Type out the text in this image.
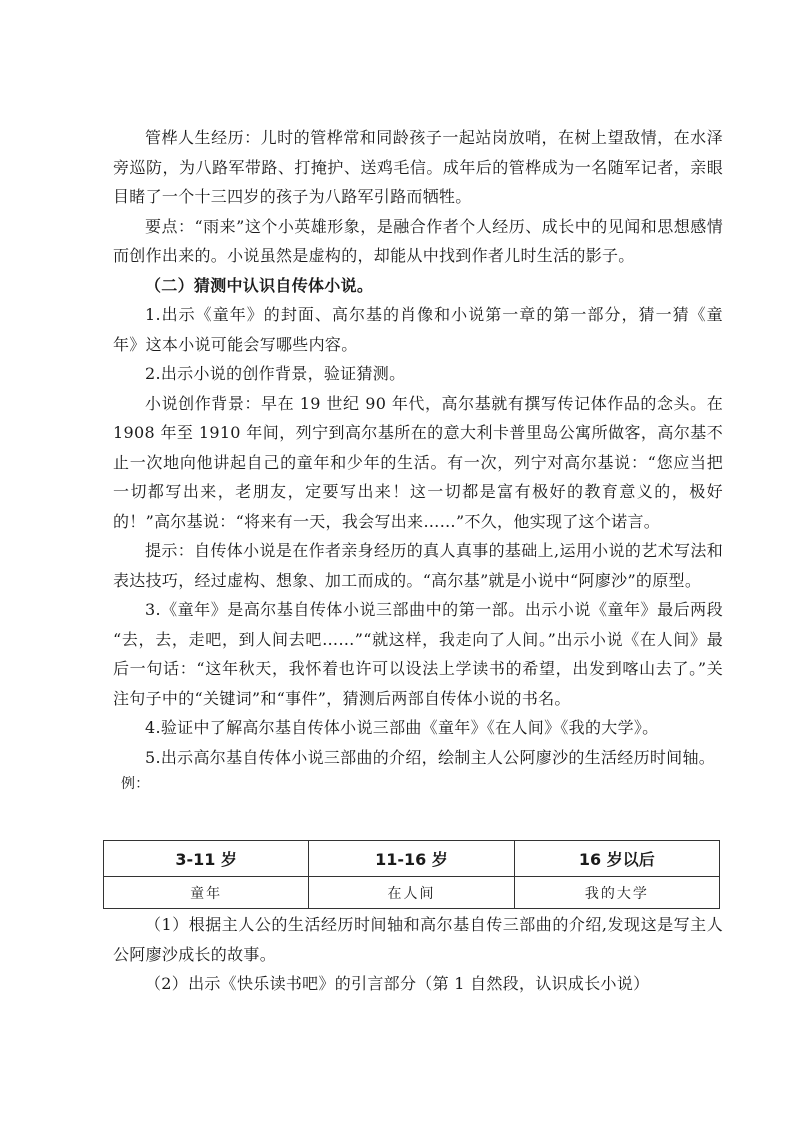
管桦人生经历：儿时的管桦常和同龄孩子一起站岗放哨，在树上望敌情，在水泽旁巡防，为八路军带路、打掩护、送鸡毛信。成年后的管桦成为一名随军记者，亲眼目睹了一个十三四岁的孩子为八路军引路而牺牲。

要点：“雨来”这个小英雄形象，是融合作者个人经历、成长中的见闻和思想感情而创作出来的。小说虽然是虚构的，却能从中找到作者儿时生活的影子。

（二）猜测中认识自传体小说。

1.出示《童年》的封面、高尔基的肖像和小说第一章的第一部分，猜一猜《童年》这本小说可能会写哪些内容。

2.出示小说的创作背景，验证猜测。

小说创作背景：早在 19 世纪 90 年代，高尔基就有撰写传记体作品的念头。在 1908 年至 1910 年间，列宁到高尔基所在的意大利卡普里岛公寓所做客，高尔基不止一次地向他讲起自己的童年和少年的生活。有一次，列宁对高尔基说：“您应当把一切都写出来，老朋友，定要写出来！这一切都是富有极好的教育意义的，极好的！”高尔基说：“将来有一天，我会写出来……”不久，他实现了这个诺言。

提示：自传体小说是在作者亲身经历的真人真事的基础上,运用小说的艺术写法和表达技巧，经过虚构、想象、加工而成的。“高尔基”就是小说中“阿廖沙”的原型。

3.《童年》是高尔基自传体小说三部曲中的第一部。出示小说《童年》最后两段 “去，去，走吧，到人间去吧……”“就这样，我走向了人间。”出示小说《在人间》最后一句话：“这年秋天，我怀着也许可以设法上学读书的希望，出发到喀山去了。”关注句子中的“关键词”和“事件”，猜测后两部自传体小说的书名。

4.验证中了解高尔基自传体小说三部曲《童年》《在人间》《我的大学》。

5.出示高尔基自传体小说三部曲的介绍，绘制主人公阿廖沙的生活经历时间轴。

例：

3-11 岁	11-16 岁	16 岁以后
童年	在人间	我的大学

（1）根据主人公的生活经历时间轴和高尔基自传三部曲的介绍,发现这是写主人公阿廖沙成长的故事。

（2）出示《快乐读书吧》的引言部分（第 1 自然段，认识成长小说）
